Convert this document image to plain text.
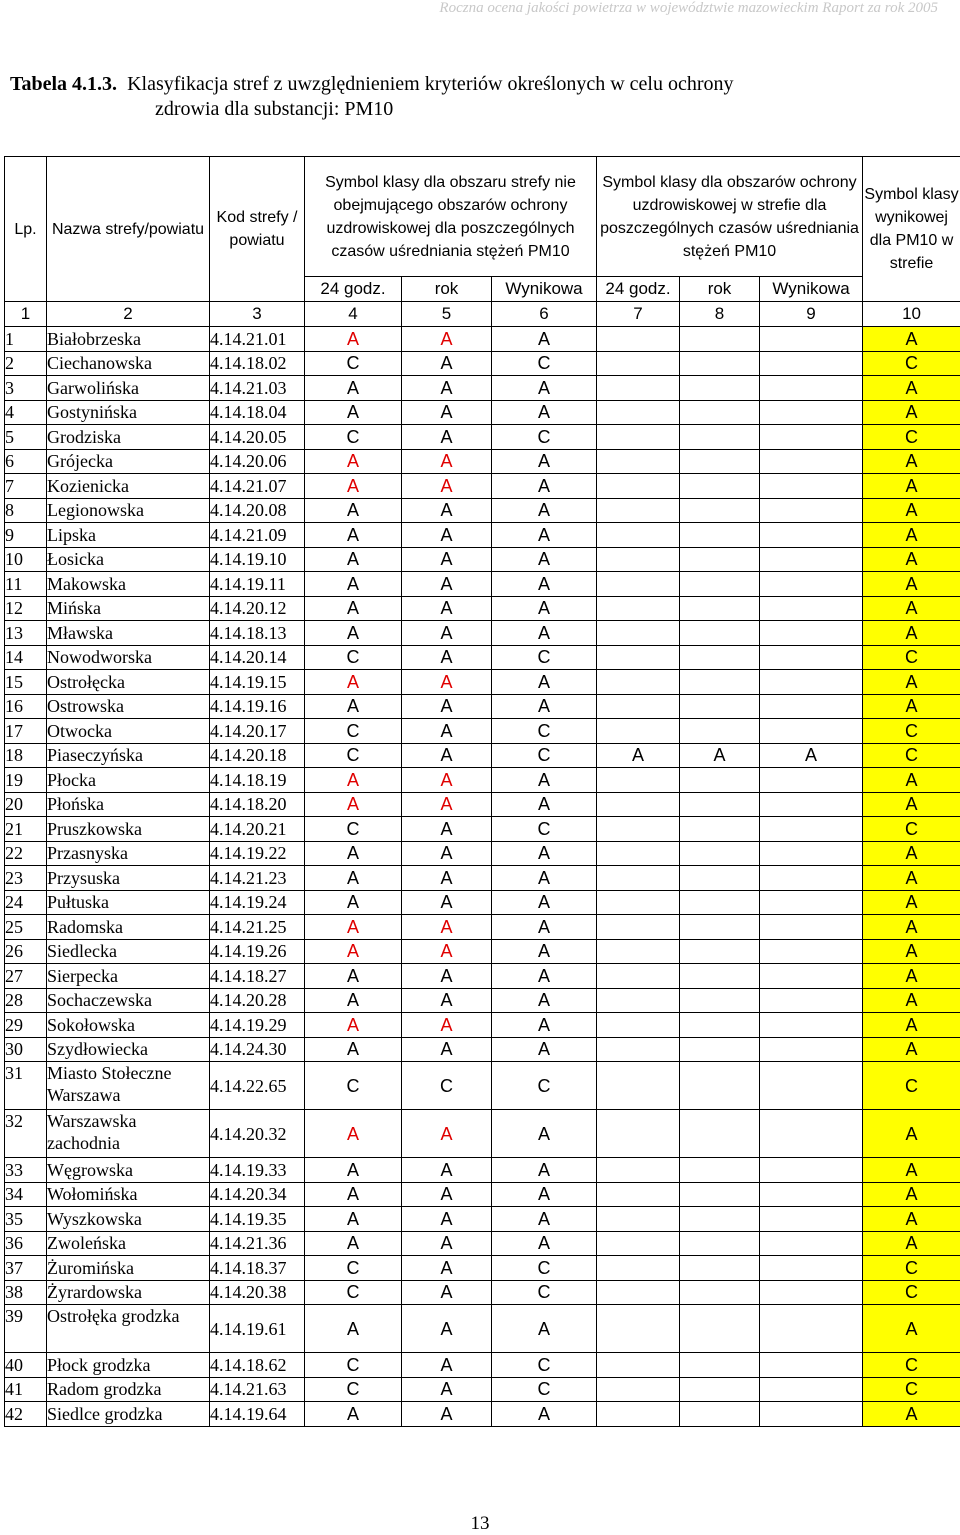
Roczna ocena jakości powietrza w województwie mazowieckim Raport za rok 2005
Tabela 4.1.3. Klasyfikacja stref z uwzględnieniem kryteriów określonych w celu ochrony
zdrowia dla substancji: PM10
Lp.	Nazwa strefy/powiatu	Kod strefy / powiatu	Symbol klasy dla obszaru strefy nie obejmującego obszarów ochrony uzdrowiskowej dla poszczególnych czasów uśredniania stężeń PM10			Symbol klasy dla obszarów ochrony uzdrowiskowej w strefie dla poszczególnych czasów uśredniania stężeń PM10			Symbol klasy wynikowej dla PM10 w strefie
			24 godz.	rok	Wynikowa	24 godz.	rok	Wynikowa	
1	2	3	4	5	6	7	8	9	10
1	Białobrzeska	4.14.21.01	A	A	A				A
2	Ciechanowska	4.14.18.02	C	A	C				C
3	Garwolińska	4.14.21.03	A	A	A				A
4	Gostynińska	4.14.18.04	A	A	A				A
5	Grodziska	4.14.20.05	C	A	C				C
6	Grójecka	4.14.20.06	A	A	A				A
7	Kozienicka	4.14.21.07	A	A	A				A
8	Legionowska	4.14.20.08	A	A	A				A
9	Lipska	4.14.21.09	A	A	A				A
10	Łosicka	4.14.19.10	A	A	A				A
11	Makowska	4.14.19.11	A	A	A				A
12	Mińska	4.14.20.12	A	A	A				A
13	Mławska	4.14.18.13	A	A	A				A
14	Nowodworska	4.14.20.14	C	A	C				C
15	Ostrołęcka	4.14.19.15	A	A	A				A
16	Ostrowska	4.14.19.16	A	A	A				A
17	Otwocka	4.14.20.17	C	A	C				C
18	Piaseczyńska	4.14.20.18	C	A	C	A	A	A	C
19	Płocka	4.14.18.19	A	A	A				A
20	Płońska	4.14.18.20	A	A	A				A
21	Pruszkowska	4.14.20.21	C	A	C				C
22	Przasnyska	4.14.19.22	A	A	A				A
23	Przysuska	4.14.21.23	A	A	A				A
24	Pułtuska	4.14.19.24	A	A	A				A
25	Radomska	4.14.21.25	A	A	A				A
26	Siedlecka	4.14.19.26	A	A	A				A
27	Sierpecka	4.14.18.27	A	A	A				A
28	Sochaczewska	4.14.20.28	A	A	A				A
29	Sokołowska	4.14.19.29	A	A	A				A
30	Szydłowiecka	4.14.24.30	A	A	A				A
31	Miasto Stołeczne Warszawa	4.14.22.65	C	C	C				C
32	Warszawska zachodnia	4.14.20.32	A	A	A				A
33	Węgrowska	4.14.19.33	A	A	A				A
34	Wołomińska	4.14.20.34	A	A	A				A
35	Wyszkowska	4.14.19.35	A	A	A				A
36	Zwoleńska	4.14.21.36	A	A	A				A
37	Żuromińska	4.14.18.37	C	A	C				C
38	Żyrardowska	4.14.20.38	C	A	C				C
39	Ostrołęka grodzka	4.14.19.61	A	A	A				A
40	Płock grodzka	4.14.18.62	C	A	C				C
41	Radom grodzka	4.14.21.63	C	A	C				C
42	Siedlce grodzka	4.14.19.64	A	A	A				A
13
